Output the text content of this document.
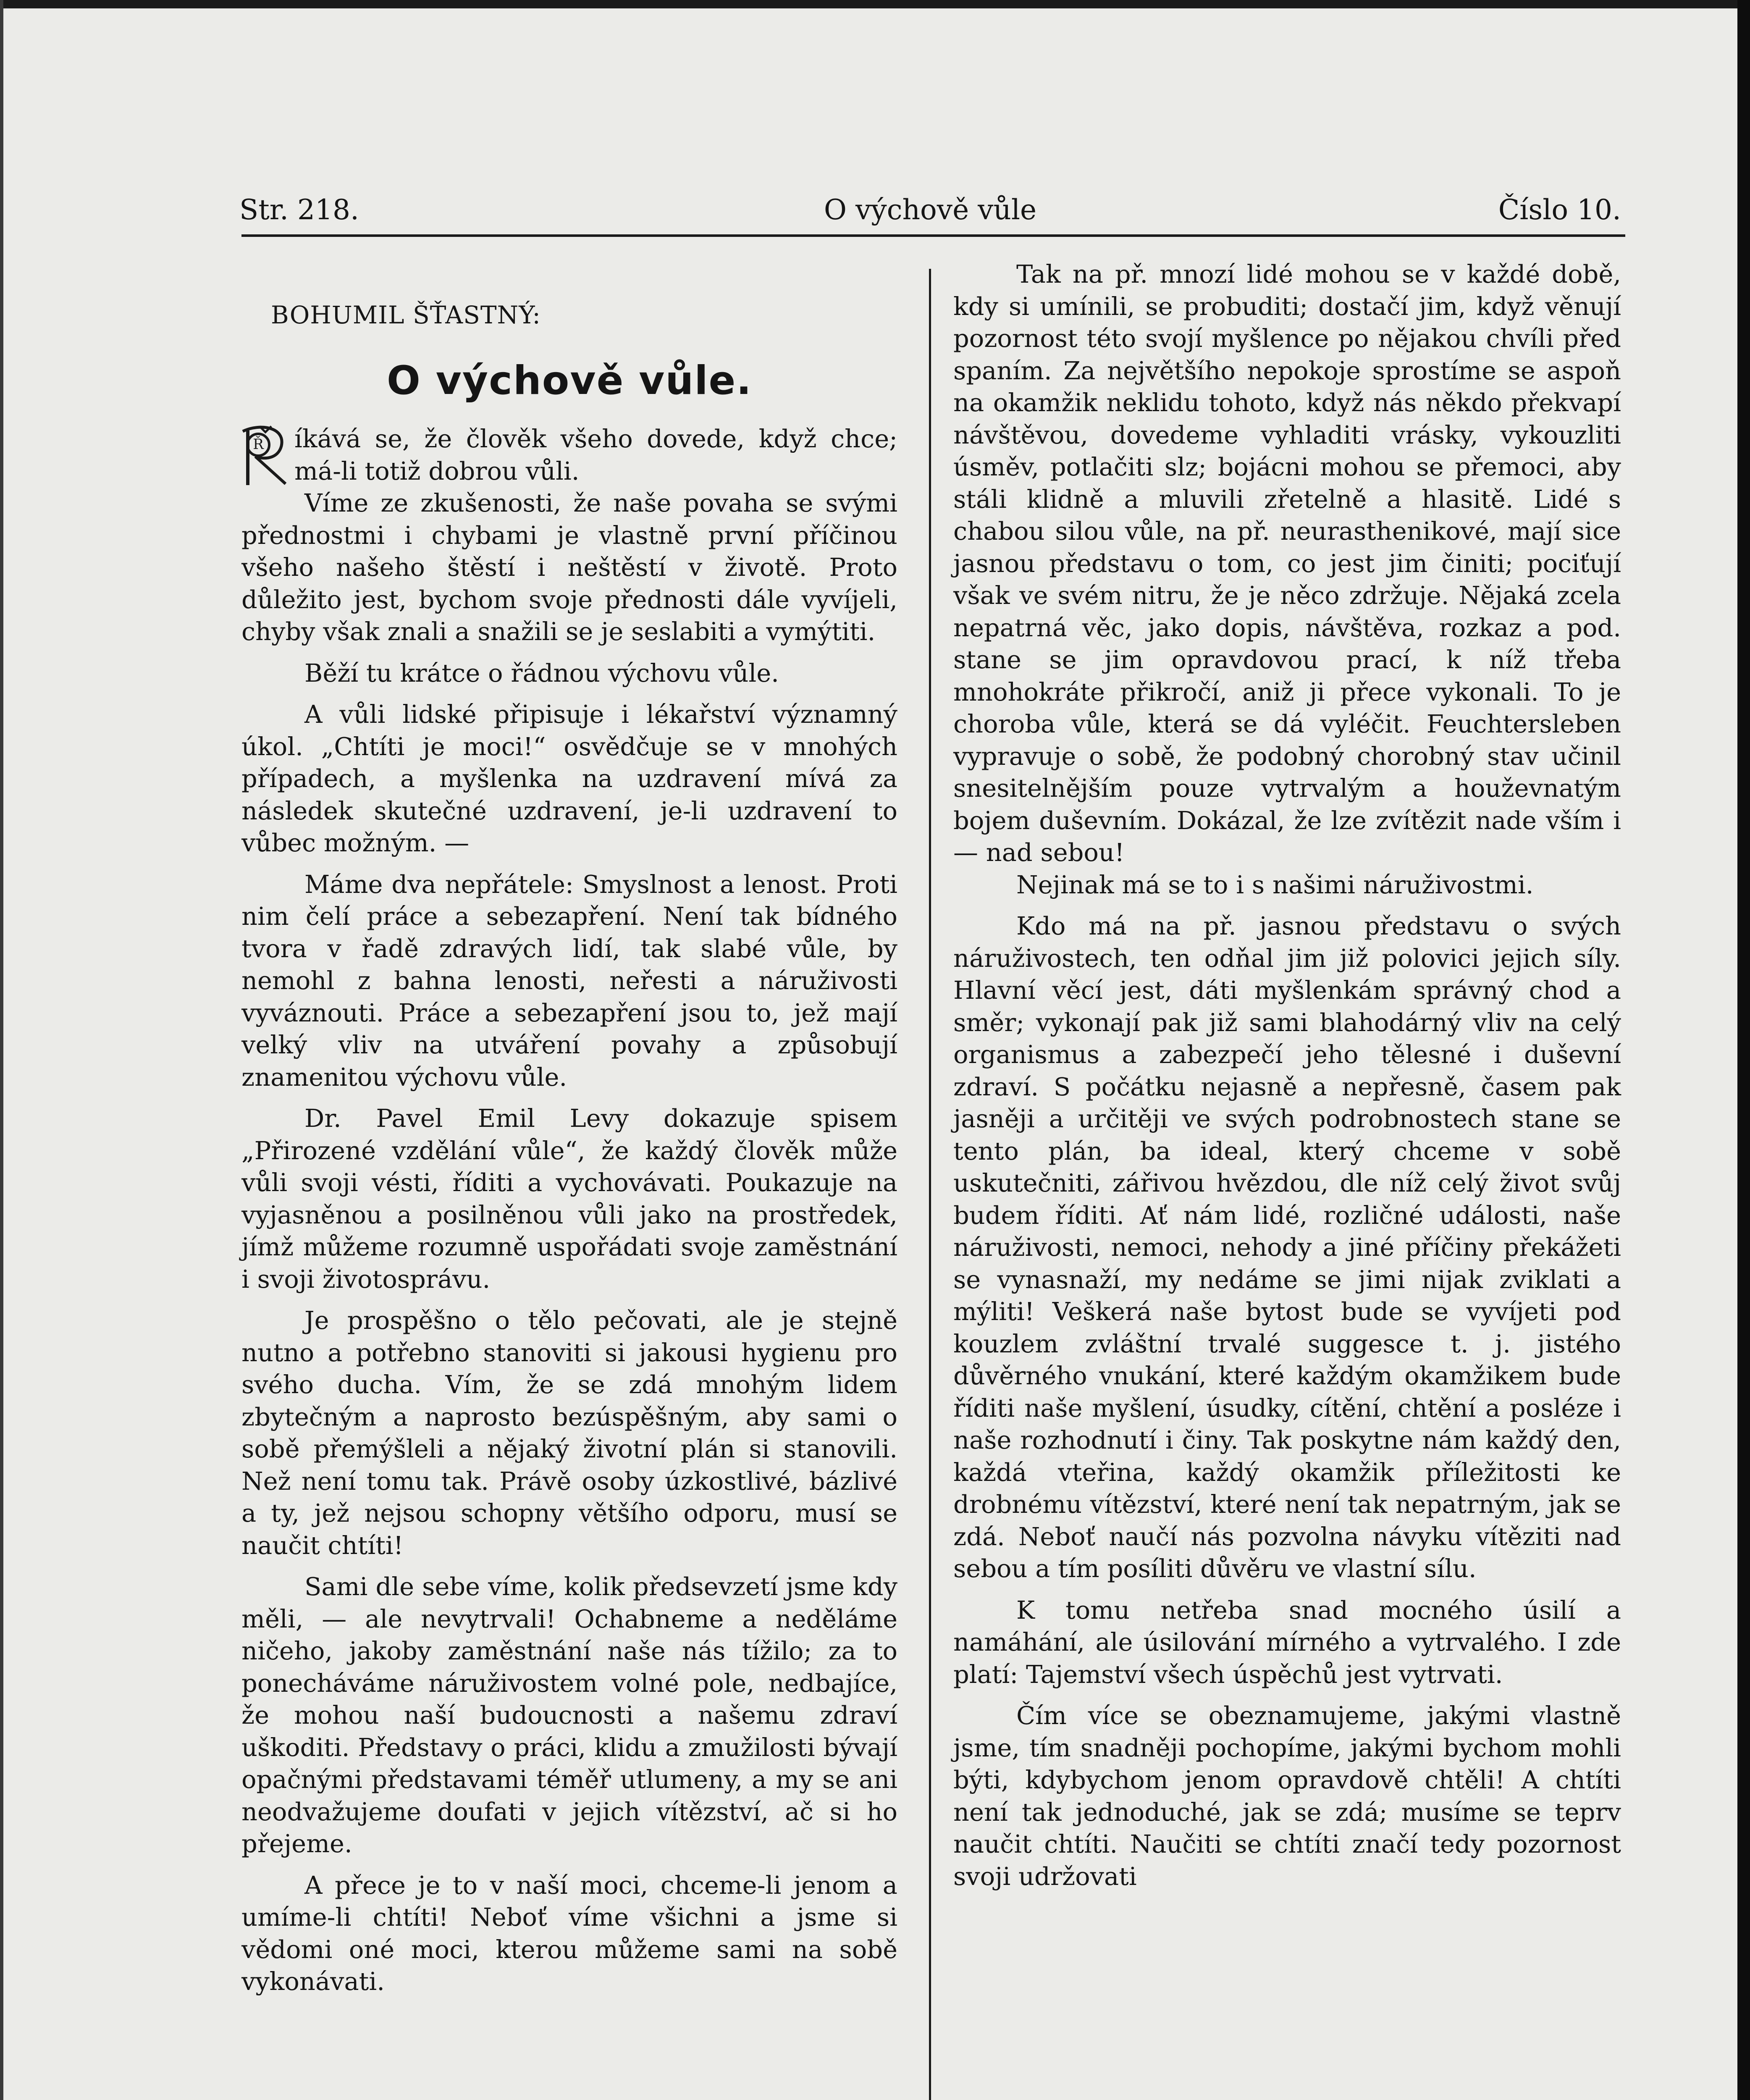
O výchově vůle
Str. 218.	Číslo 10.
BOHUMIL ŠŤASTNÝ:
O výchově vůle.

Ř íkává se, že člověk všeho dovede, když chce; má-li totiž dobrou vůli.

Víme ze zkušenosti, že naše povaha se svými přednostmi i chybami je vlastně první příčinou všeho našeho štěstí i neštěstí v životě. Proto důležito jest, bychom svoje přednosti dále vyvíjeli, chyby však znali a snažili se je seslabiti a vymýtiti.

Běží tu krátce o řádnou výchovu vůle.

A vůli lidské připisuje i lékařství významný úkol. „Chtíti je moci!“ osvědčuje se v mnohých případech, a myšlenka na uzdravení mívá za následek skutečné uzdravení, je-li uzdravení to vůbec možným. —

Máme dva nepřátele: Smyslnost a lenost. Proti nim čelí práce a sebezapření. Není tak bídného tvora v řadě zdravých lidí, tak slabé vůle, by nemohl z bahna lenosti, neřesti a náruživosti vyváznouti. Práce a sebezapření jsou to, jež mají velký vliv na utváření povahy a způsobují znamenitou výchovu vůle.

Dr. Pavel Emil Levy dokazuje spisem „Přirozené vzdělání vůle“, že každý člověk může vůli svoji vésti, říditi a vychovávati. Poukazuje na vyjasněnou a posilněnou vůli jako na prostředek, jímž můžeme rozumně uspořádati svoje zaměstnání i svoji životosprávu.

Je prospěšno o tělo pečovati, ale je stejně nutno a potřebno stanoviti si jakousi hygienu pro svého ducha. Vím, že se zdá mnohým lidem zbytečným a naprosto bezúspěšným, aby sami o sobě přemýšleli a nějaký životní plán si stanovili. Než není tomu tak. Právě osoby úzkostlivé, bázlivé a ty, jež nejsou schopny většího odporu, musí se naučit chtíti!

Sami dle sebe víme, kolik předsevzetí jsme kdy měli, — ale nevytrvali! Ochabneme a neděláme ničeho, jakoby zaměstnání naše nás tížilo; za to ponecháváme náruživostem volné pole, nedbajíce, že mohou naší budoucnosti a našemu zdraví uškoditi. Představy o práci, klidu a zmužilosti bývají opačnými představami téměř utlumeny, a my se ani neodvažujeme doufati v jejich vítězství, ač si ho přejeme.

A přece je to v naší moci, chceme-li jenom a umíme-li chtíti! Neboť víme všichni a jsme si vědomi oné moci, kterou můžeme sami na sobě vykonávati.

Tak na př. mnozí lidé mohou se v každé době, kdy si umínili, se probuditi; dostačí jim, když věnují pozornost této svojí myšlence po nějakou chvíli před spaním. Za největšího nepokoje sprostíme se aspoň na okamžik neklidu tohoto, když nás někdo překvapí návštěvou, dovedeme vyhladiti vrásky, vykouzliti úsměv, potlačiti slz; bojácni mohou se přemoci, aby stáli klidně a mluvili zřetelně a hlasitě. Lidé s chabou silou vůle, na př. neurasthenikové, mají sice jasnou představu o tom, co jest jim činiti; pociťují však ve svém nitru, že je něco zdržuje. Nějaká zcela nepatrná věc, jako dopis, návštěva, rozkaz a pod. stane se jim opravdovou prací, k níž třeba mnohokráte přikročí, aniž ji přece vykonali. To je choroba vůle, která se dá vyléčit. Feuchtersleben vypravuje o sobě, že podobný chorobný stav učinil snesitelnějším pouze vytrvalým a houževnatým bojem duševním. Dokázal, že lze zvítězit nade vším i — nad sebou!

Nejinak má se to i s našimi náruživostmi.

Kdo má na př. jasnou představu o svých náruživostech, ten odňal jim již polovici jejich síly. Hlavní věcí jest, dáti myšlenkám správný chod a směr; vykonají pak již sami blahodárný vliv na celý organismus a zabezpečí jeho tělesné i duševní zdraví. S počátku nejasně a nepřesně, časem pak jasněji a určitěji ve svých podrobnostech stane se tento plán, ba ideal, který chceme v sobě uskutečniti, zářivou hvězdou, dle níž celý život svůj budem říditi. Ať nám lidé, rozličné události, naše náruživosti, nemoci, nehody a jiné příčiny překážeti se vynasnaží, my nedáme se jimi nijak zviklati a mýliti! Veškerá naše bytost bude se vyvíjeti pod kouzlem zvláštní trvalé suggesce t. j. jistého důvěrného vnukání, které každým okamžikem bude říditi naše myšlení, úsudky, cítění, chtění a posléze i naše rozhodnutí i činy. Tak poskytne nám každý den, každá vteřina, každý okamžik příležitosti ke drobnému vítězství, které není tak nepatrným, jak se zdá. Neboť naučí nás pozvolna návyku vítěziti nad sebou a tím posíliti důvěru ve vlastní sílu.

K tomu netřeba snad mocného úsilí a namáhání, ale úsilování mírného a vytrvalého. I zde platí: Tajemství všech úspěchů jest vytrvati.

Čím více se obeznamujeme, jakými vlastně jsme, tím snadněji pochopíme, jakými bychom mohli býti, kdybychom jenom opravdově chtěli! A chtíti není tak jednoduché, jak se zdá; musíme se teprv naučit chtíti. Naučiti se chtíti značí tedy pozornost svoji udržovati
